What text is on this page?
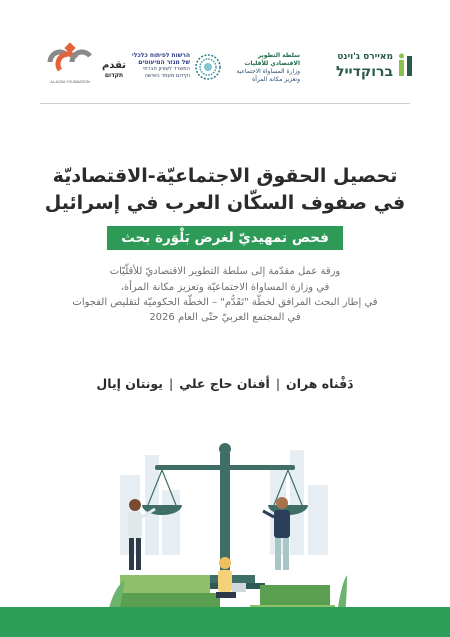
מאיירס ג'וינט
ברוקדייל
سلطة التطوير
الاقتصادي للأقليات
وزارة المساواة الاجتماعية
وتعزيز مكانة المرأة
הרשות לפיתוח כלכלי
של מגזר המיעוטים
המשרד לשוויון חברתי
וקידום מעמד האישה
تقدم
תקדום
AL-AQSA FOUNDATION
تحصيل الحقوق الاجتماعيّة-الاقتصاديّة
في صفوف السكّان العرب في إسرائيل
فحص تمهيديّ لغرض بَلْوَرة بحث تطبيقيّ
ورقة عمل مقدّمة إلى سلطة التطوير الاقتصاديّ للأقلّيّات
في وزارة المساواة الاجتماعيّة وتعزيز مكانة المرأة،
في إطار البحث المرافق لخطّة "تَقَدُّم" – الخطّة الحكوميّة لتقليص الفجوات
في المجتمع العربيّ حتّى العام 2026
دَفْناه هران|أفنان حاج علي|يونتان إيال
